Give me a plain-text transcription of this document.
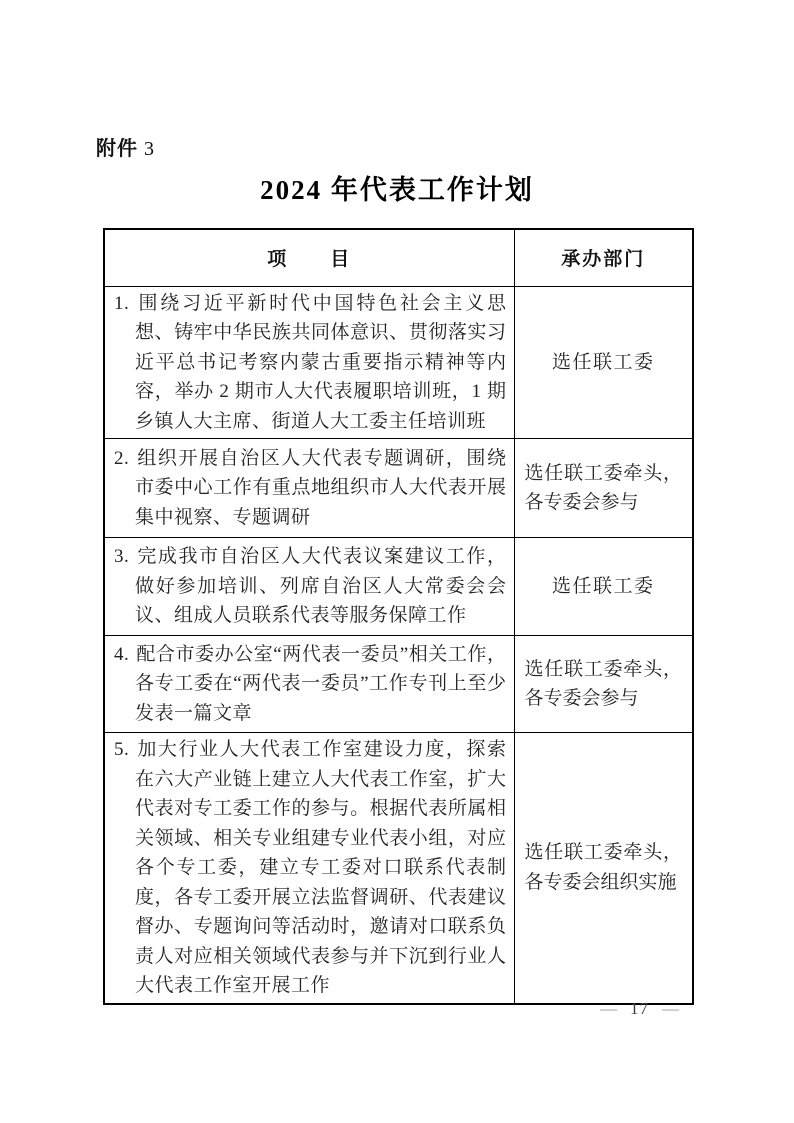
附件 3
2024 年代表工作计划
项　　目	承办部门

1. 围绕习近平新时代中国特色社会主义思想、铸牢中华民族共同体意识、贯彻落实习近平总书记考察内蒙古重要指示精神等内容，举办 2 期市人大代表履职培训班，1 期乡镇人大主席、街道人大工委主任培训班	选任联工委

2. 组织开展自治区人大代表专题调研，围绕市委中心工作有重点地组织市人大代表开展集中视察、专题调研	选任联工委牵头，各专委会参与

3. 完成我市自治区人大代表议案建议工作，做好参加培训、列席自治区人大常委会会议、组成人员联系代表等服务保障工作	选任联工委

4. 配合市委办公室“两代表一委员”相关工作，各专工委在“两代表一委员”工作专刊上至少发表一篇文章	选任联工委牵头，各专委会参与

5. 加大行业人大代表工作室建设力度，探索在六大产业链上建立人大代表工作室，扩大代表对专工委工作的参与。根据代表所属相关领域、相关专业组建专业代表小组，对应各个专工委，建立专工委对口联系代表制度，各专工委开展立法监督调研、代表建议督办、专题询问等活动时，邀请对口联系负责人对应相关领域代表参与并下沉到行业人大代表工作室开展工作	选任联工委牵头，各专委会组织实施
— 17 —
